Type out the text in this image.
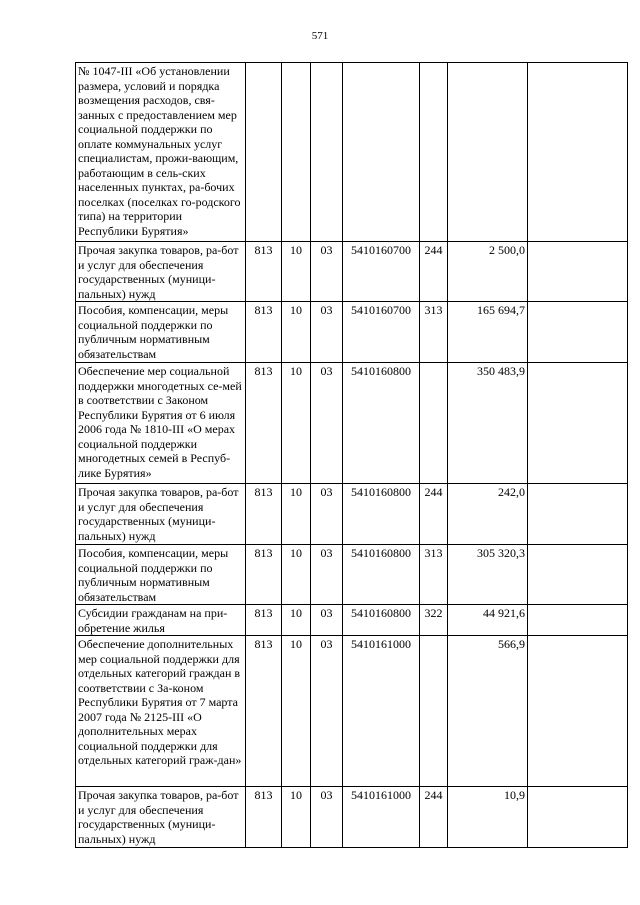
571
№ 1047-III «Об установлении размера, условий и порядка возмещения расходов, свя-занных с предоставлением мер социальной поддержки по оплате коммунальных услуг специалистам, прожи-вающим, работающим в сель-ских населенных пунктах, ра-бочих поселках (поселках го-родского типа) на территории Республики Бурятия»							
Прочая закупка товаров, ра-бот и услуг для обеспечения государственных (муници-пальных) нужд	813	10	03	5410160700	244	2 500,0	
Пособия, компенсации, меры социальной поддержки по публичным нормативным обязательствам	813	10	03	5410160700	313	165 694,7	
Обеспечение мер социальной поддержки многодетных се-мей в соответствии с Законом Республики Бурятия от 6 июля 2006 года № 1810-III «О мерах социальной поддержки многодетных семей в Респуб-лике Бурятия»	813	10	03	5410160800		350 483,9	
Прочая закупка товаров, ра-бот и услуг для обеспечения государственных (муници-пальных) нужд	813	10	03	5410160800	244	242,0	
Пособия, компенсации, меры социальной поддержки по публичным нормативным обязательствам	813	10	03	5410160800	313	305 320,3	
Субсидии гражданам на при-обретение жилья	813	10	03	5410160800	322	44 921,6	
Обеспечение дополнительных мер социальной поддержки для отдельных категорий граждан в соответствии с За-коном Республики Бурятия от 7 марта 2007 года № 2125-III «О дополнительных мерах социальной поддержки для отдельных категорий граж-дан»	813	10	03	5410161000		566,9	
Прочая закупка товаров, ра-бот и услуг для обеспечения государственных (муници-пальных) нужд	813	10	03	5410161000	244	10,9	
